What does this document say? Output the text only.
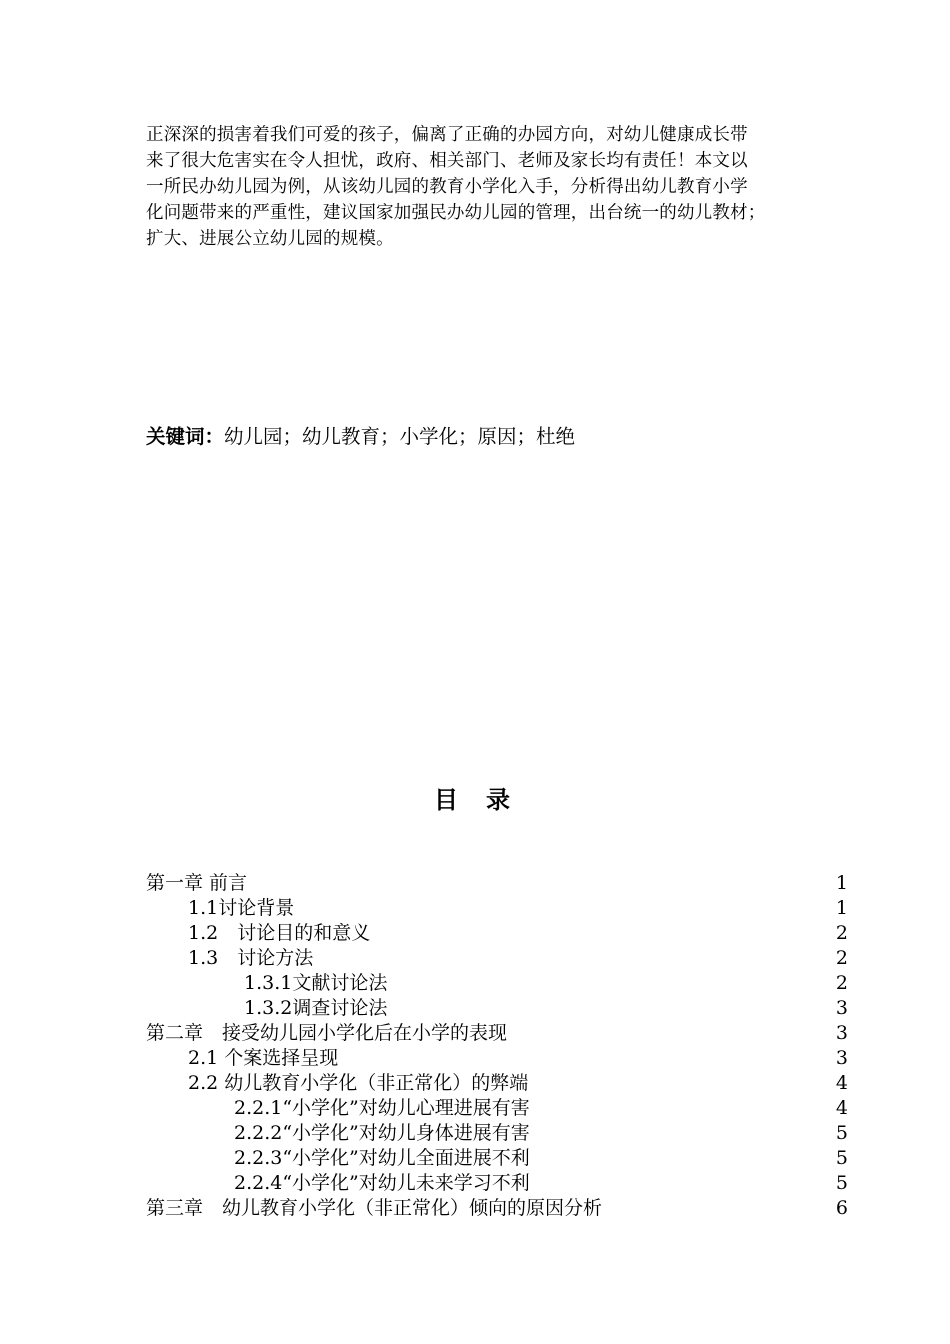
正深深的损害着我们可爱的孩子，偏离了正确的办园方向，对幼儿健康成长带
来了很大危害实在令人担忧，政府、相关部门、老师及家长均有责任！本文以
一所民办幼儿园为例，从该幼儿园的教育小学化入手，分析得出幼儿教育小学
化问题带来的严重性，建议国家加强民办幼儿园的管理，出台统一的幼儿教材；
扩大、进展公立幼儿园的规模。
关键词：幼儿园；幼儿教育；小学化；原因；杜绝
目录
第一章 前言	1
1.1讨论背景	1
1.2　讨论目的和意义	2
1.3　讨论方法	2
1.3.1文献讨论法	2
1.3.2调查讨论法	3
第二章　接受幼儿园小学化后在小学的表现	3
2.1 个案选择呈现	3
2.2 幼儿教育小学化（非正常化）的弊端	4
2.2.1“小学化”对幼儿心理进展有害	4
2.2.2“小学化”对幼儿身体进展有害	5
2.2.3“小学化”对幼儿全面进展不利	5
2.2.4“小学化”对幼儿未来学习不利	5
第三章　幼儿教育小学化（非正常化）倾向的原因分析	6
